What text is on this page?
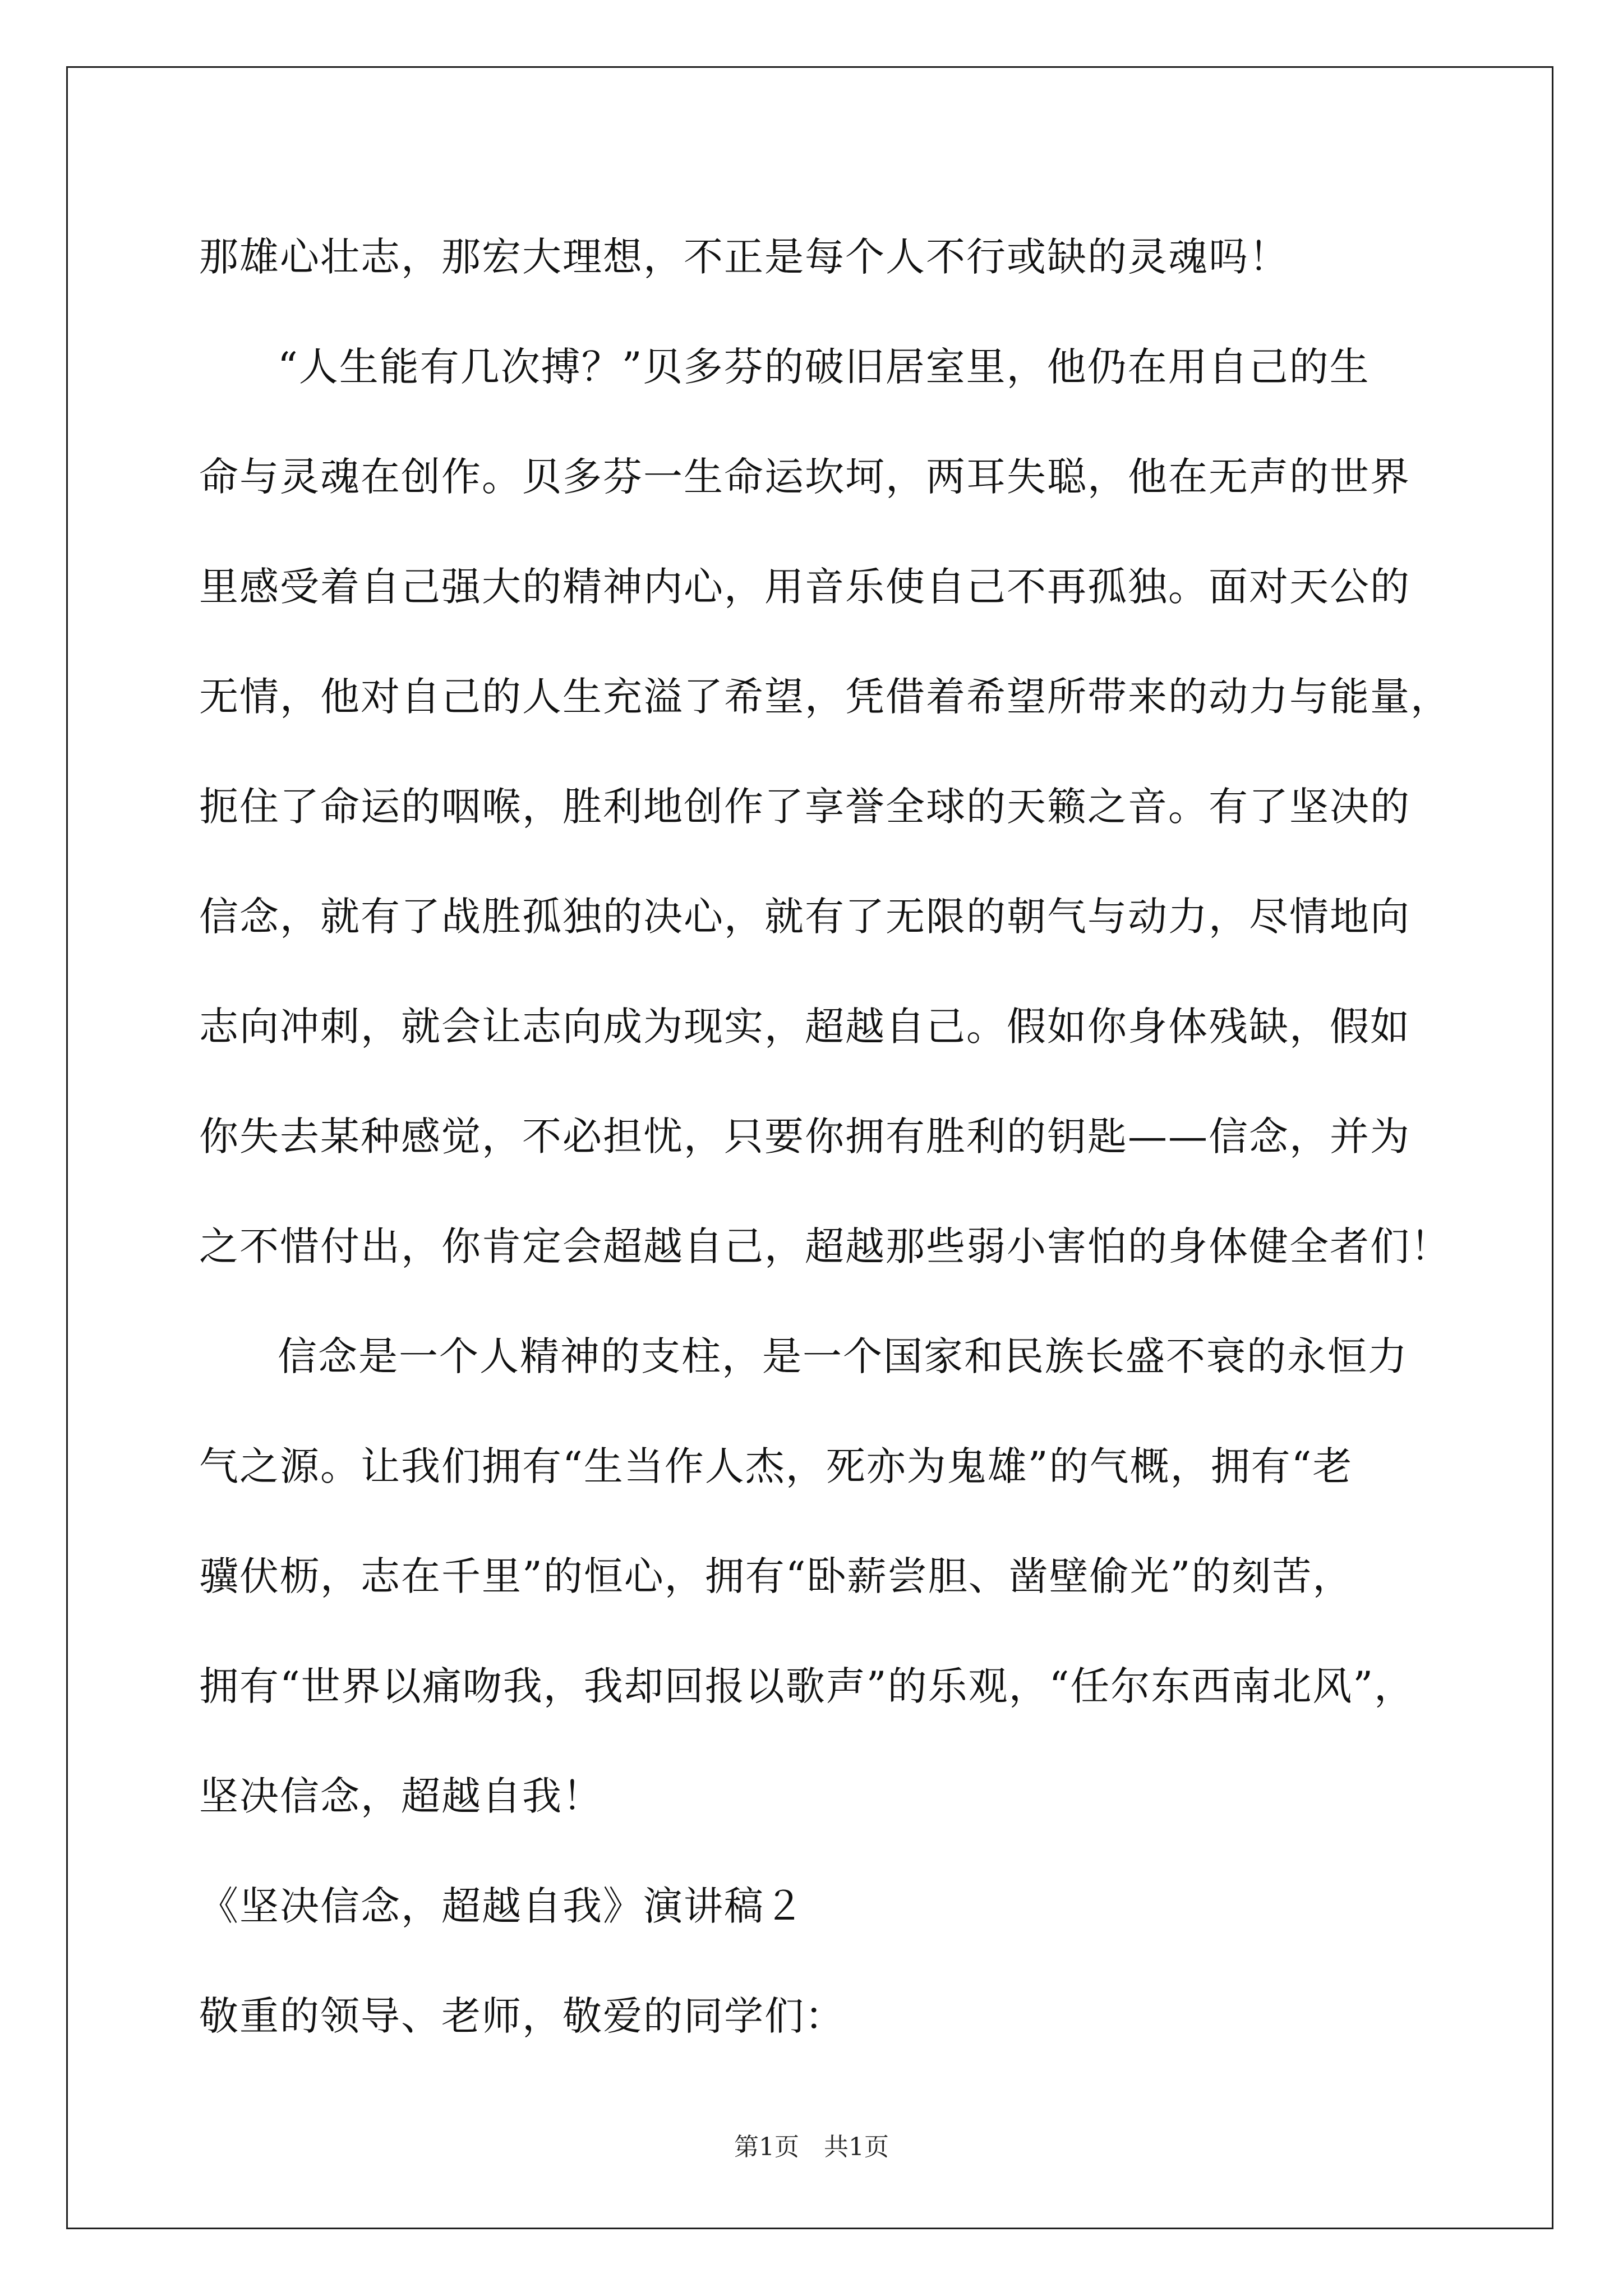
那雄心壮志，那宏大理想，不正是每个人不行或缺的灵魂吗！
“人生能有几次搏？”贝多芬的破旧居室里，他仍在用自己的生
命与灵魂在创作。贝多芬一生命运坎坷，两耳失聪，他在无声的世界
里感受着自己强大的精神内心，用音乐使自己不再孤独。面对天公的
无情，他对自己的人生充溢了希望，凭借着希望所带来的动力与能量，
扼住了命运的咽喉，胜利地创作了享誉全球的天籁之音。有了坚决的
信念，就有了战胜孤独的决心，就有了无限的朝气与动力，尽情地向
志向冲刺，就会让志向成为现实，超越自己。假如你身体残缺，假如
你失去某种感觉，不必担忧，只要你拥有胜利的钥匙——信念，并为
之不惜付出，你肯定会超越自己，超越那些弱小害怕的身体健全者们！
信念是一个人精神的支柱，是一个国家和民族长盛不衰的永恒力
气之源。让我们拥有“生当作人杰，死亦为鬼雄”的气概，拥有“老
骥伏枥，志在千里”的恒心，拥有“卧薪尝胆、凿壁偷光”的刻苦，
拥有“世界以痛吻我，我却回报以歌声”的乐观，“任尔东西南北风”，
坚决信念，超越自我！
《坚决信念，超越自我》演讲稿２
敬重的领导、老师，敬爱的同学们：
第1页　共1页
